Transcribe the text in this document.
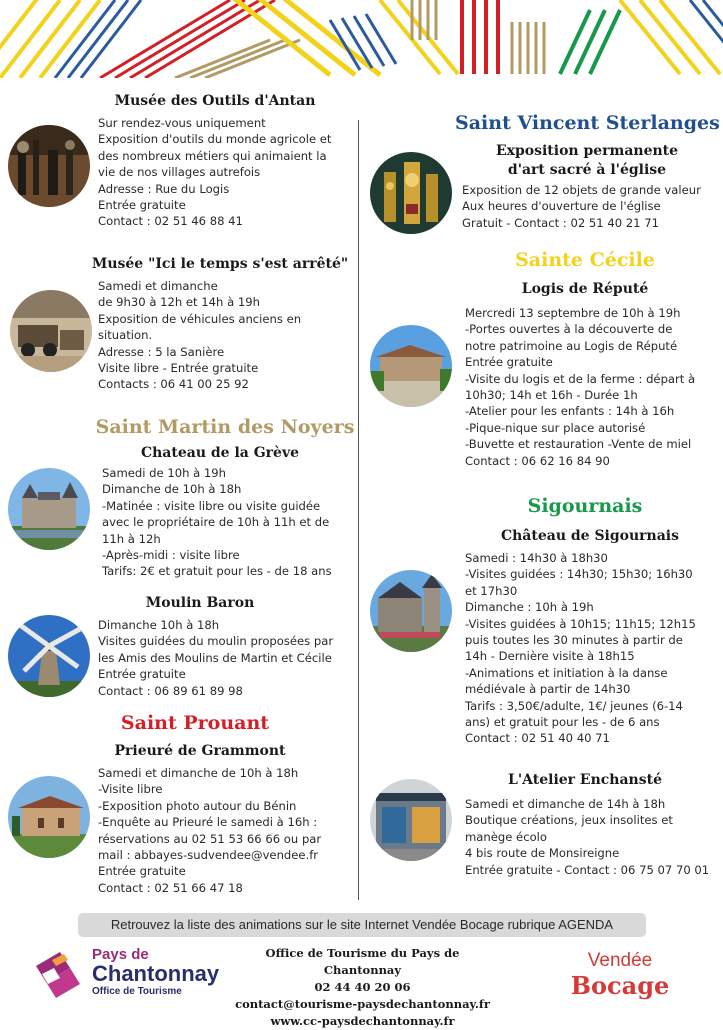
Musée des Outils d'Antan
Sur rendez-vous uniquement
Exposition d'outils du monde agricole et
des nombreux métiers qui animaient la
vie de nos villages autrefois
Adresse : Rue du Logis
Entrée gratuite
Contact : 02 51 46 88 41
Musée "Ici le temps s'est arrêté"
Samedi et dimanche
de 9h30 à 12h et 14h à 19h
Exposition de véhicules anciens en
situation.
Adresse : 5 la Sanière
Visite libre - Entrée gratuite
Contacts : 06 41 00 25 92
Saint Martin des Noyers
Chateau de la Grève
Samedi de 10h à 19h
Dimanche de 10h à 18h
-Matinée : visite libre ou visite guidée
avec le propriétaire de 10h à 11h et de
11h à 12h
-Après-midi : visite libre
Tarifs: 2€ et gratuit pour les - de 18 ans
Moulin Baron
Dimanche 10h à 18h
Visites guidées du moulin proposées par
les Amis des Moulins de Martin et Cécile
Entrée gratuite
Contact : 06 89 61 89 98
Saint Prouant
Prieuré de Grammont
Samedi et dimanche de 10h à 18h
-Visite libre
-Exposition photo autour du Bénin
-Enquête au Prieuré le samedi à 16h :
réservations au 02 51 53 66 66 ou par
mail : abbayes-sudvendee@vendee.fr
Entrée gratuite
Contact : 02 51 66 47 18
Saint Vincent Sterlanges
Exposition permanente
d'art sacré à l'église
Exposition de 12 objets de grande valeur
Aux heures d'ouverture de l'église
Gratuit - Contact : 02 51 40 21 71
Sainte Cécile
Logis de Réputé
Mercredi 13 septembre de 10h à 19h
-Portes ouvertes à la découverte de
notre patrimoine au Logis de Réputé
Entrée gratuite
-Visite du logis et de la ferme : départ à
10h30; 14h et 16h - Durée 1h
-Atelier pour les enfants : 14h à 16h
-Pique-nique sur place autorisé
-Buvette et restauration -Vente de miel
Contact : 06 62 16 84 90
Sigournais
Château de Sigournais
Samedi : 14h30 à 18h30
-Visites guidées : 14h30; 15h30; 16h30
et 17h30
Dimanche : 10h à 19h
-Visites guidées à 10h15; 11h15; 12h15
puis toutes les 30 minutes à partir de
14h - Dernière visite à 18h15
-Animations et initiation à la danse
médiévale à partir de 14h30
Tarifs : 3,50€/adulte, 1€/ jeunes (6-14
ans) et gratuit pour les - de 6 ans
Contact : 02 51 40 40 71
L'Atelier Enchansté
Samedi et dimanche de 14h à 18h
Boutique créations, jeux insolites et
manège écolo
4 bis route de Monsireigne
Entrée gratuite - Contact : 06 75 07 70 01
Retrouvez la liste des animations sur le site Internet Vendée Bocage rubrique AGENDA
Pays de
Chantonnay
Office de Tourisme
Office de Tourisme du Pays de Chantonnay
02 44 40 20 06
contact@tourisme-paysdechantonnay.fr
www.cc-paysdechantonnay.fr
Vendée
Bocage
